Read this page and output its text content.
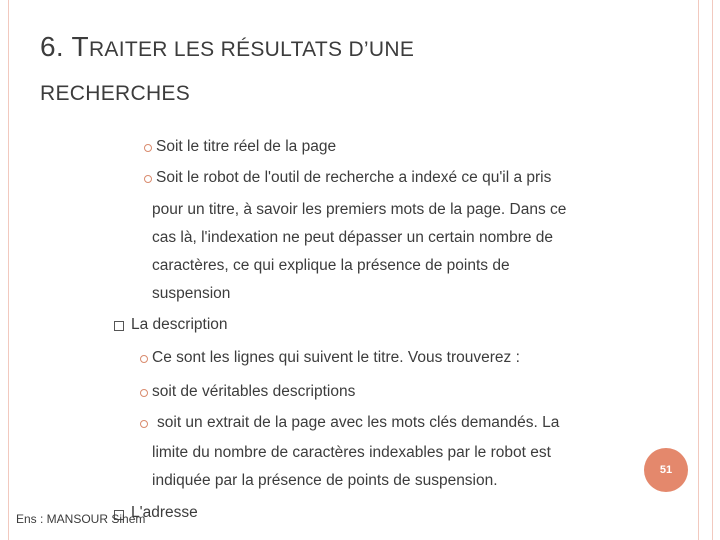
6. TRAITER LES RÉSULTATS D’UNE
RECHERCHES
Soit le titre réel de la page
Soit le robot de l'outil de recherche a indexé ce qu'il a pris
pour un titre, à savoir les premiers mots de la page. Dans ce
cas là, l'indexation ne peut dépasser un certain nombre de
caractères, ce qui explique la présence de points de
suspension
La description
Ce sont les lignes qui suivent le titre. Vous trouverez :
soit de véritables descriptions
soit un extrait de la page avec les mots clés demandés. La
limite du nombre de caractères indexables par le robot est
indiquée par la présence de points de suspension.
L'adresse
51
Ens : MANSOUR Sihem
